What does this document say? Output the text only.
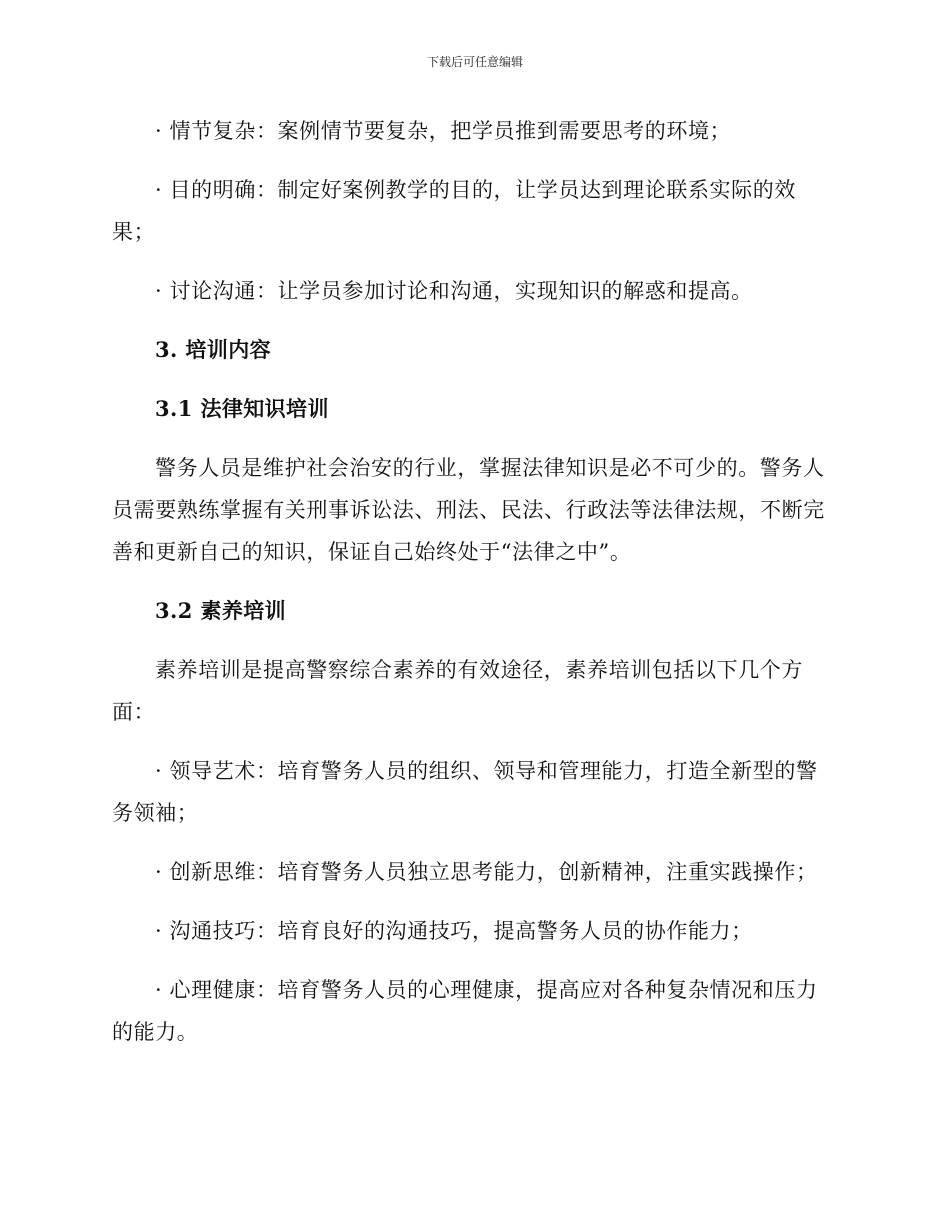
下载后可任意编辑

· 情节复杂：案例情节要复杂，把学员推到需要思考的环境；

· 目的明确：制定好案例教学的目的，让学员达到理论联系实际的效果；

· 讨论沟通：让学员参加讨论和沟通，实现知识的解惑和提高。

3. 培训内容

3.1 法律知识培训

警务人员是维护社会治安的行业，掌握法律知识是必不可少的。警务人员需要熟练掌握有关刑事诉讼法、刑法、民法、行政法等法律法规，不断完善和更新自己的知识，保证自己始终处于“法律之中”。

3.2 素养培训

素养培训是提高警察综合素养的有效途径，素养培训包括以下几个方面：

· 领导艺术：培育警务人员的组织、领导和管理能力，打造全新型的警务领袖；

· 创新思维：培育警务人员独立思考能力，创新精神，注重实践操作；

· 沟通技巧：培育良好的沟通技巧，提高警务人员的协作能力；

· 心理健康：培育警务人员的心理健康，提高应对各种复杂情况和压力的能力。
